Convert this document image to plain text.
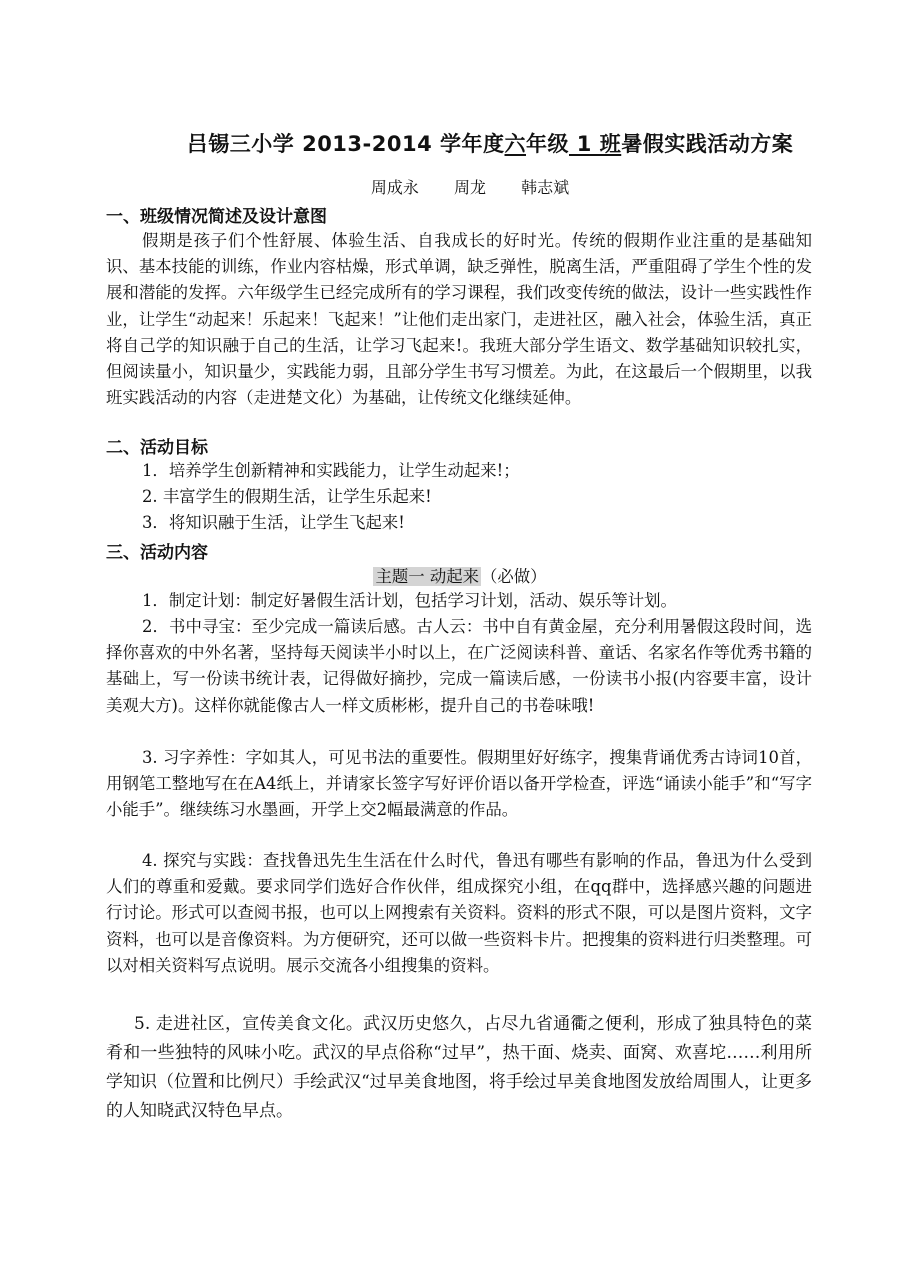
吕锡三小学 2013-2014 学年度六年级 1 班暑假实践活动方案
周成永 周龙 韩志斌
一、班级情况简述及设计意图
假期是孩子们个性舒展、体验生活、自我成长的好时光。传统的假期作业注重的是基础知识、基本技能的训练，作业内容枯燥，形式单调，缺乏弹性，脱离生活，严重阻碍了学生个性的发展和潜能的发挥。六年级学生已经完成所有的学习课程，我们改变传统的做法，设计一些实践性作业，让学生“动起来！乐起来！飞起来！”让他们走出家门，走进社区，融入社会，体验生活，真正将自己学的知识融于自己的生活，让学习飞起来!。我班大部分学生语文、数学基础知识较扎实，但阅读量小，知识量少，实践能力弱，且部分学生书写习惯差。为此，在这最后一个假期里，以我班实践活动的内容（走进楚文化）为基础，让传统文化继续延伸。
二、活动目标
1．培养学生创新精神和实践能力，让学生动起来!；
2. 丰富学生的假期生活，让学生乐起来!
3．将知识融于生活，让学生飞起来!
三、活动内容
主题一 动起来 （必做）
1．制定计划：制定好暑假生活计划，包括学习计划，活动、娱乐等计划。
2．书中寻宝：至少完成一篇读后感。古人云：书中自有黄金屋，充分利用暑假这段时间，选择你喜欢的中外名著，坚持每天阅读半小时以上，在广泛阅读科普、童话、名家名作等优秀书籍的基础上，写一份读书统计表，记得做好摘抄，完成一篇读后感，一份读书小报(内容要丰富，设计美观大方)。这样你就能像古人一样文质彬彬，提升自己的书卷味哦!
3. 习字养性：字如其人，可见书法的重要性。假期里好好练字，搜集背诵优秀古诗词10首，用钢笔工整地写在在A4纸上，并请家长签字写好评价语以备开学检查，评选“诵读小能手”和“写字小能手”。继续练习水墨画，开学上交2幅最满意的作品。
4. 探究与实践：查找鲁迅先生生活在什么时代，鲁迅有哪些有影响的作品，鲁迅为什么受到人们的尊重和爱戴。要求同学们选好合作伙伴，组成探究小组，在qq群中，选择感兴趣的问题进行讨论。形式可以查阅书报，也可以上网搜索有关资料。资料的形式不限，可以是图片资料，文字资料，也可以是音像资料。为方便研究，还可以做一些资料卡片。把搜集的资料进行归类整理。可以对相关资料写点说明。展示交流各小组搜集的资料。
5. 走进社区，宣传美食文化。武汉历史悠久，占尽九省通衢之便利，形成了独具特色的菜肴和一些独特的风味小吃。武汉的早点俗称“过早”，热干面、烧卖、面窝、欢喜坨……利用所学知识（位置和比例尺）手绘武汉“过早美食地图，将手绘过早美食地图发放给周围人，让更多的人知晓武汉特色早点。
